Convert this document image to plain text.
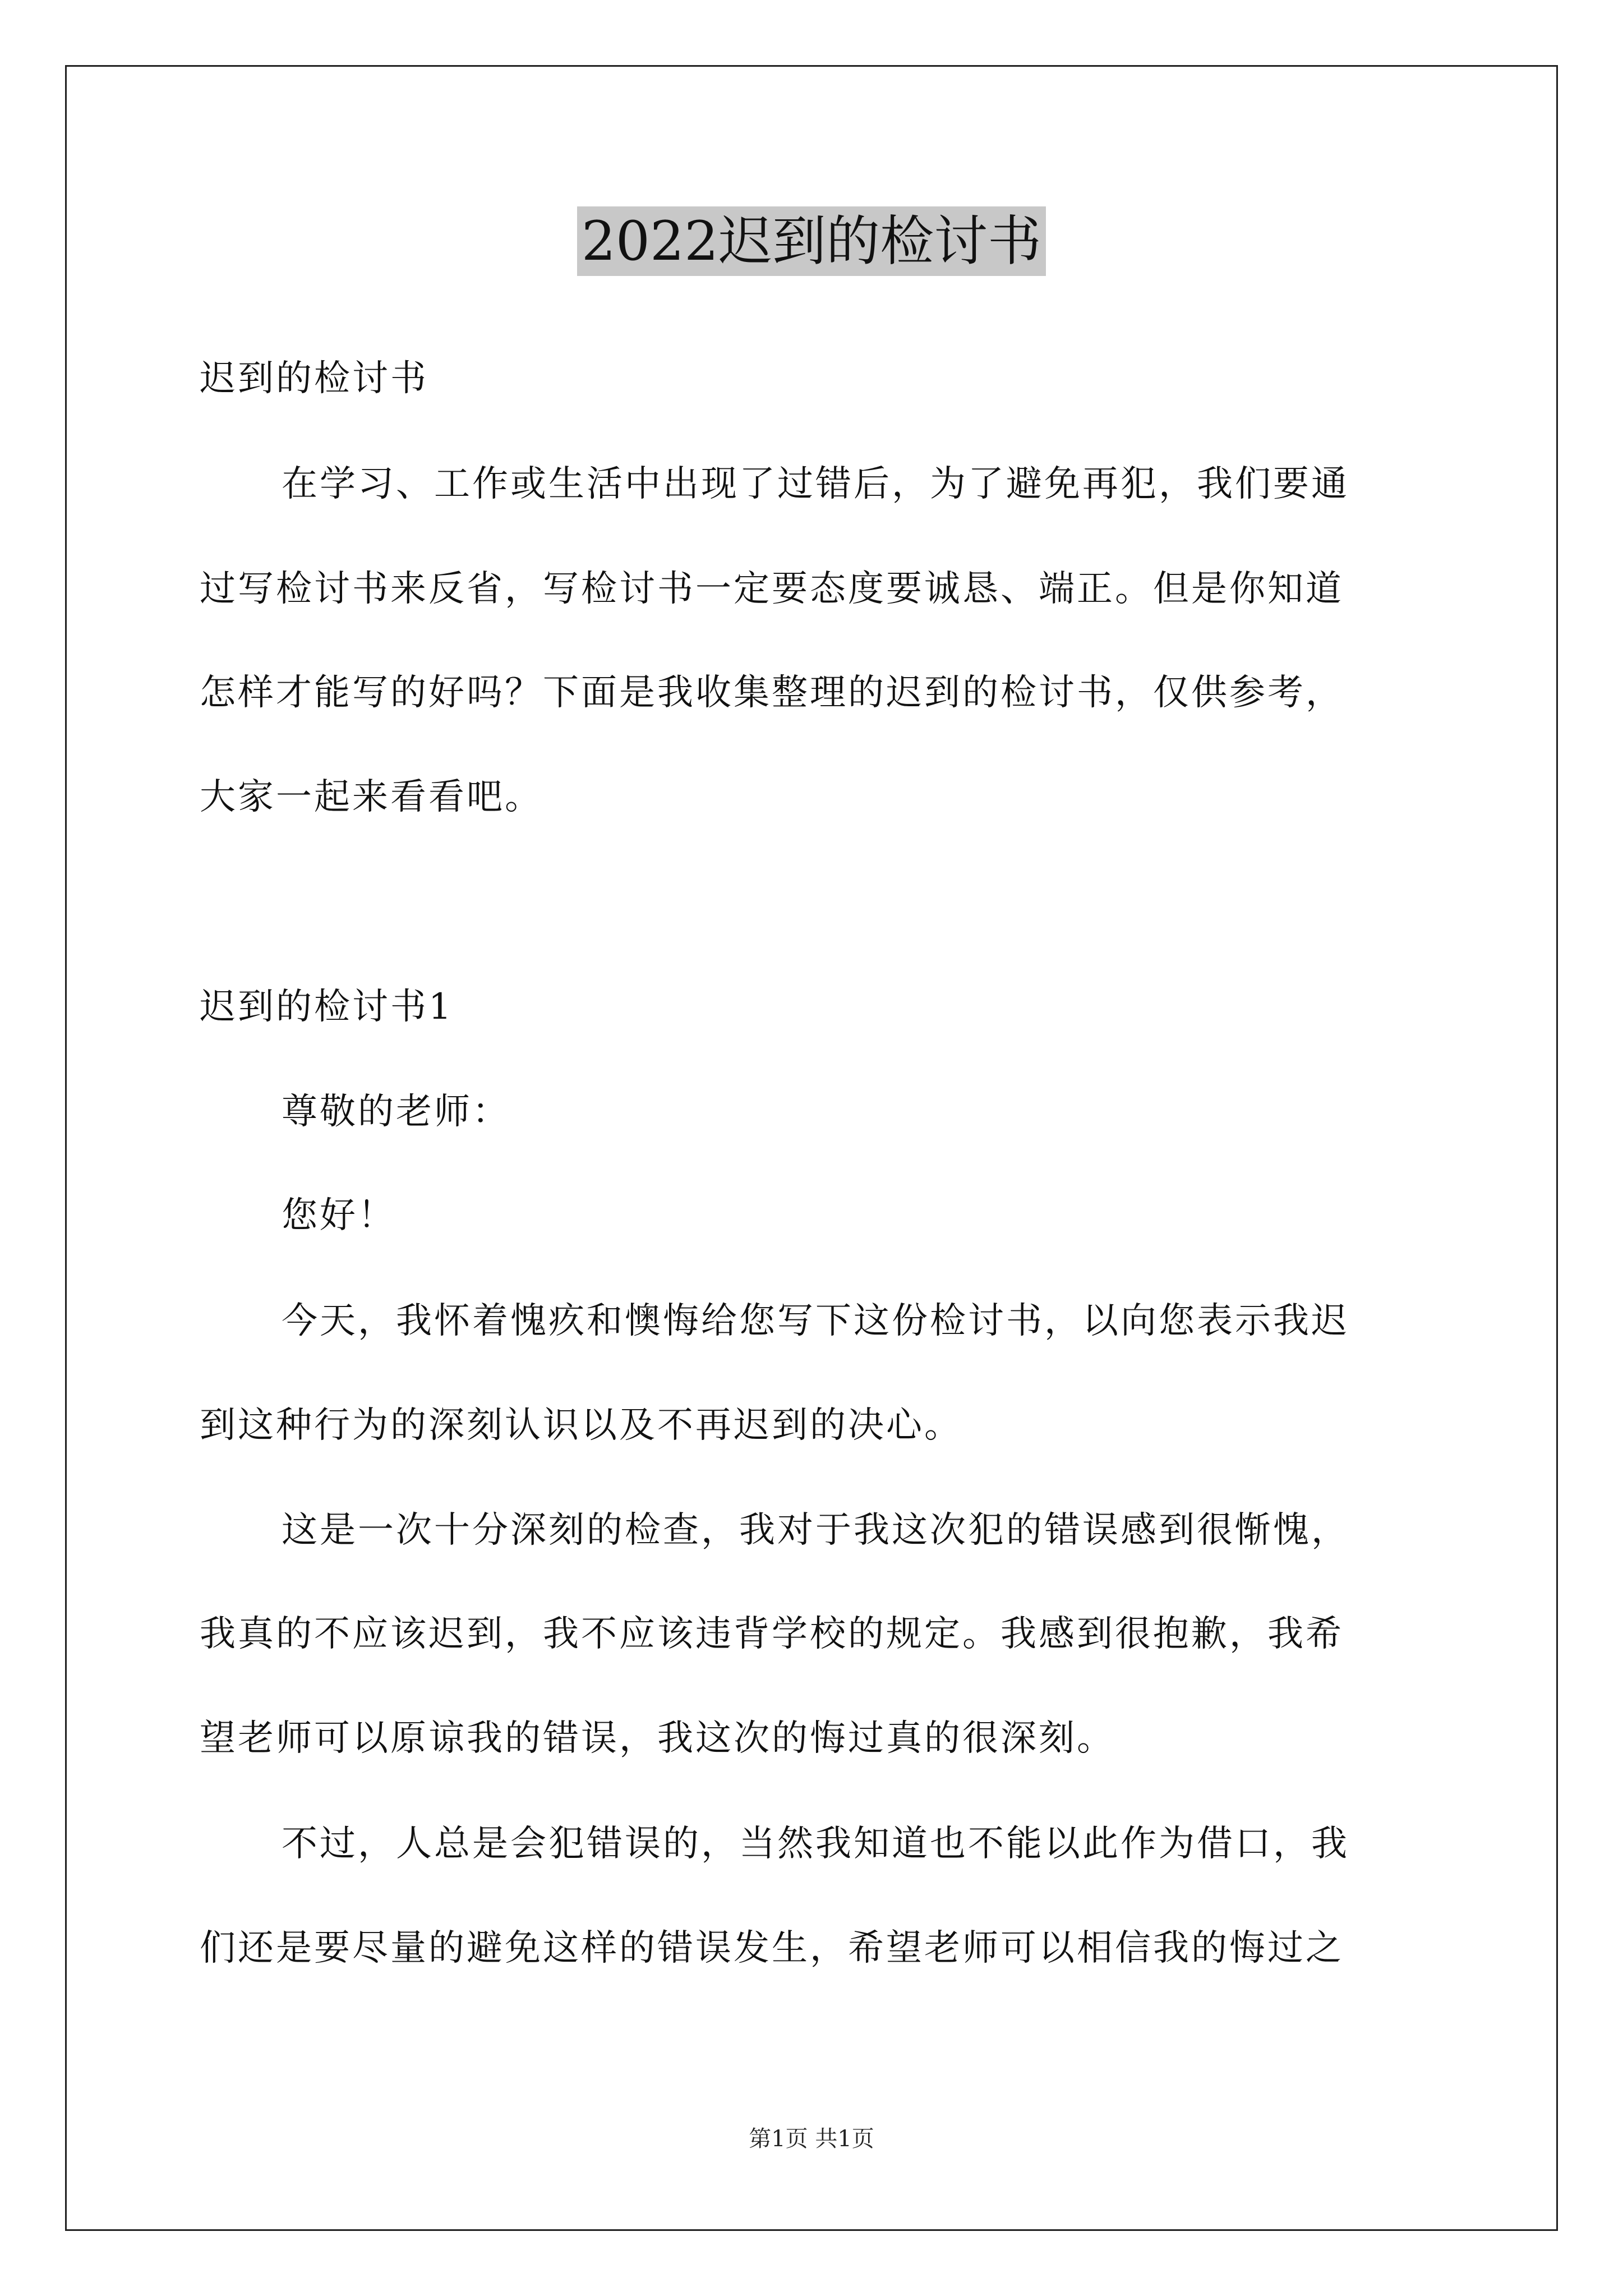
2022迟到的检讨书
迟到的检讨书
在学习、工作或生活中出现了过错后，为了避免再犯，我们要通
过写检讨书来反省，写检讨书一定要态度要诚恳、端正。但是你知道
怎样才能写的好吗？下面是我收集整理的迟到的检讨书，仅供参考，
大家一起来看看吧。
迟到的检讨书1
尊敬的老师：
您好！
今天，我怀着愧疚和懊悔给您写下这份检讨书，以向您表示我迟
到这种行为的深刻认识以及不再迟到的决心。
这是一次十分深刻的检查，我对于我这次犯的错误感到很惭愧，
我真的不应该迟到，我不应该违背学校的规定。我感到很抱歉，我希
望老师可以原谅我的错误，我这次的悔过真的很深刻。
不过，人总是会犯错误的，当然我知道也不能以此作为借口，我
们还是要尽量的避免这样的错误发生，希望老师可以相信我的悔过之
第1页 共1页
